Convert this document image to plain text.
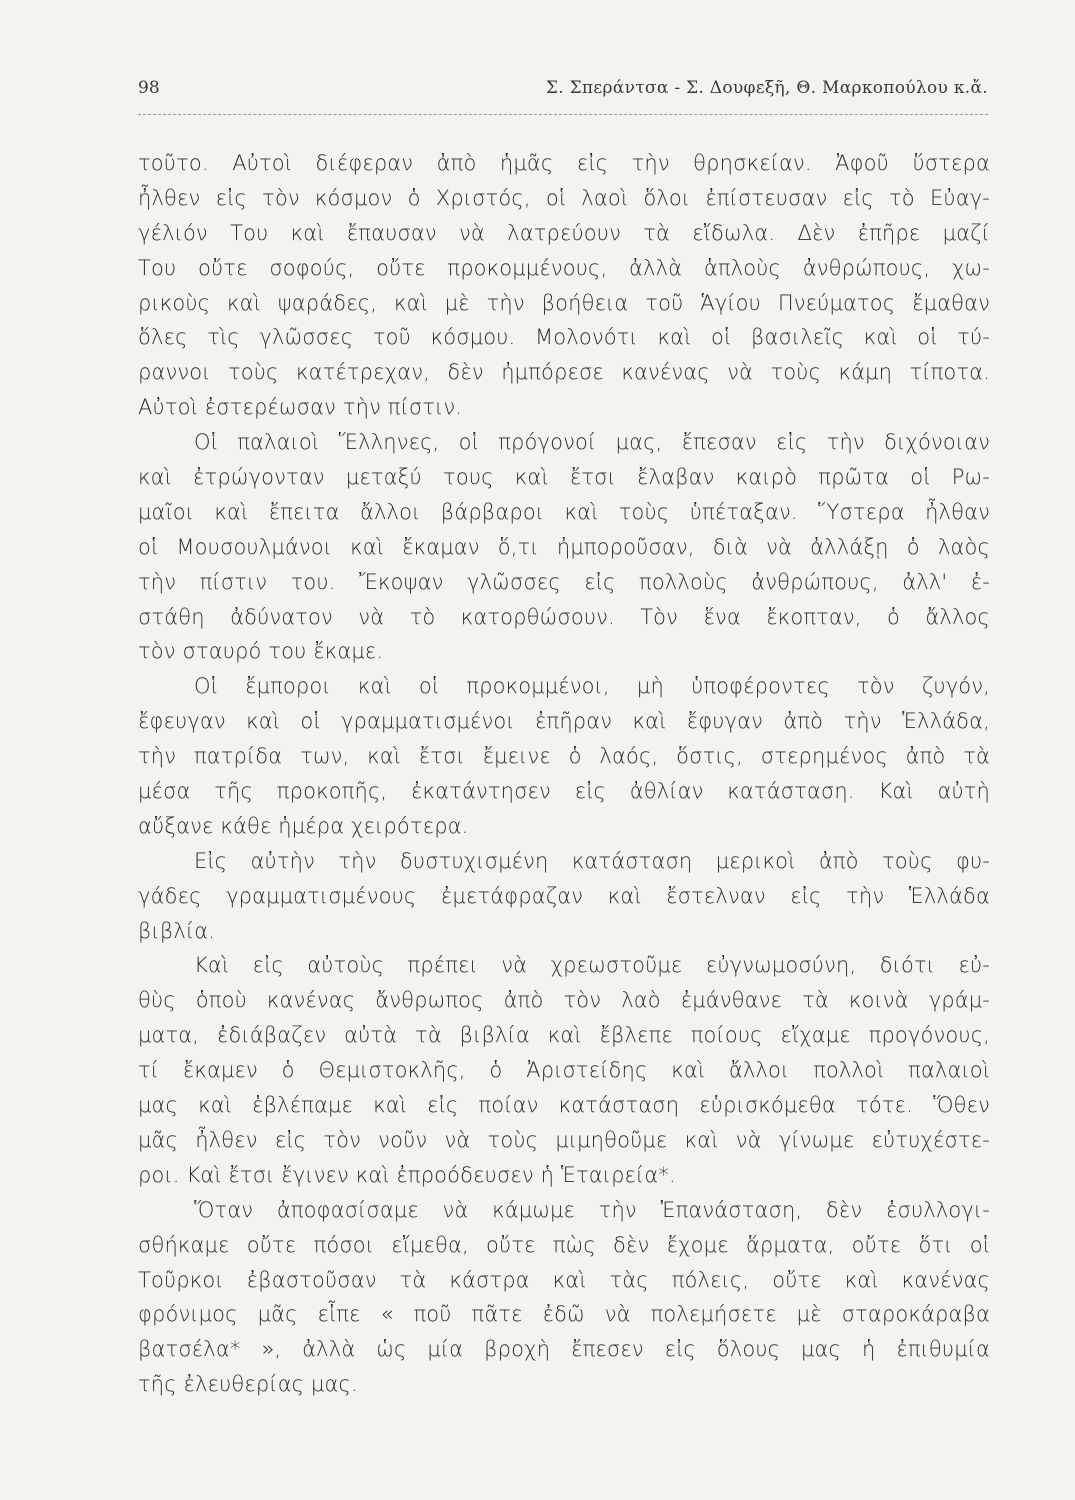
98	Σ. Σπεράντσα - Σ. Δουφεξῆ, Θ. Μαρκοπούλου κ.ἄ.
τοῦτο. Αὐτοὶ διέφεραν ἀπὸ ἡμᾶς εἰς τὴν θρησκείαν. Ἀφοῦ ὕστερα
ἦλθεν εἰς τὸν κόσμον ὁ Χριστός, οἱ λαοὶ ὅλοι ἐπίστευσαν εἰς τὸ Εὐαγ-
γέλιόν Του καὶ ἔπαυσαν νὰ λατρεύουν τὰ εἴδωλα. Δὲν ἐπῆρε μαζί
Του οὔτε σοφούς, οὔτε προκομμένους, ἀλλὰ ἁπλοὺς ἀνθρώπους, χω-
ρικοὺς καὶ ψαράδες, καὶ μὲ τὴν βοήθεια τοῦ Ἁγίου Πνεύματος ἔμαθαν
ὅλες τὶς γλῶσσες τοῦ κόσμου. Μολονότι καὶ οἱ βασιλεῖς καὶ οἱ τύ-
ραννοι τοὺς κατέτρεχαν, δὲν ἠμπόρεσε κανένας νὰ τοὺς κάμη τίποτα.
Αὐτοὶ ἐστερέωσαν τὴν πίστιν.
Οἱ παλαιοὶ Ἕλληνες, οἱ πρόγονοί μας, ἔπεσαν εἰς τὴν διχόνοιαν
καὶ ἐτρώγονταν μεταξύ τους καὶ ἔτσι ἔλαβαν καιρὸ πρῶτα οἱ Ρω-
μαῖοι καὶ ἔπειτα ἄλλοι βάρβαροι καὶ τοὺς ὑπέταξαν. Ὕστερα ἦλθαν
οἱ Μουσουλμάνοι καὶ ἔκαμαν ὅ,τι ἠμποροῦσαν, διὰ νὰ ἀλλάξῃ ὁ λαὸς
τὴν πίστιν του. Ἔκοψαν γλῶσσες εἰς πολλοὺς ἀνθρώπους, ἀλλ' ἐ-
στάθη ἀδύνατον νὰ τὸ κατορθώσουν. Τὸν ἕνα ἔκοπταν, ὁ ἄλλος
τὸν σταυρό του ἔκαμε.
Οἱ ἔμποροι καὶ οἱ προκομμένοι, μὴ ὑποφέροντες τὸν ζυγόν,
ἔφευγαν καὶ οἱ γραμματισμένοι ἐπῆραν καὶ ἔφυγαν ἀπὸ τὴν Ἑλλάδα,
τὴν πατρίδα των, καὶ ἔτσι ἔμεινε ὁ λαός, ὅστις, στερημένος ἀπὸ τὰ
μέσα τῆς προκοπῆς, ἐκατάντησεν εἰς ἀθλίαν κατάσταση. Καὶ αὐτὴ
αὔξανε κάθε ἡμέρα χειρότερα.
Εἰς αὐτὴν τὴν δυστυχισμένη κατάσταση μερικοὶ ἀπὸ τοὺς φυ-
γάδες γραμματισμένους ἐμετάφραζαν καὶ ἔστελναν εἰς τὴν Ἑλλάδα
βιβλία.
Καὶ εἰς αὐτοὺς πρέπει νὰ χρεωστοῦμε εὐγνωμοσύνη, διότι εὐ-
θὺς ὁποὺ κανένας ἄνθρωπος ἀπὸ τὸν λαὸ ἐμάνθανε τὰ κοινὰ γράμ-
ματα, ἐδιάβαζεν αὐτὰ τὰ βιβλία καὶ ἔβλεπε ποίους εἴχαμε προγόνους,
τί ἔκαμεν ὁ Θεμιστοκλῆς, ὁ Ἀριστείδης καὶ ἄλλοι πολλοὶ παλαιοὶ
μας καὶ ἐβλέπαμε καὶ εἰς ποίαν κατάσταση εὑρισκόμεθα τότε. Ὅθεν
μᾶς ἦλθεν εἰς τὸν νοῦν νὰ τοὺς μιμηθοῦμε καὶ νὰ γίνωμε εὐτυχέστε-
ροι. Καὶ ἔτσι ἔγινεν καὶ ἐπροόδευσεν ἡ Ἑταιρεία*.
Ὅταν ἀποφασίσαμε νὰ κάμωμε τὴν Ἐπανάσταση, δὲν ἐσυλλογι-
σθήκαμε οὔτε πόσοι εἴμεθα, οὔτε πὼς δὲν ἔχομε ἅρματα, οὔτε ὅτι οἱ
Τοῦρκοι ἐβαστοῦσαν τὰ κάστρα καὶ τὰς πόλεις, οὔτε καὶ κανένας
φρόνιμος μᾶς εἶπε « ποῦ πᾶτε ἐδῶ νὰ πολεμήσετε μὲ σταροκάραβα
βατσέλα* », ἀλλὰ ὡς μία βροχὴ ἔπεσεν εἰς ὅλους μας ἡ ἐπιθυμία
τῆς ἐλευθερίας μας.
